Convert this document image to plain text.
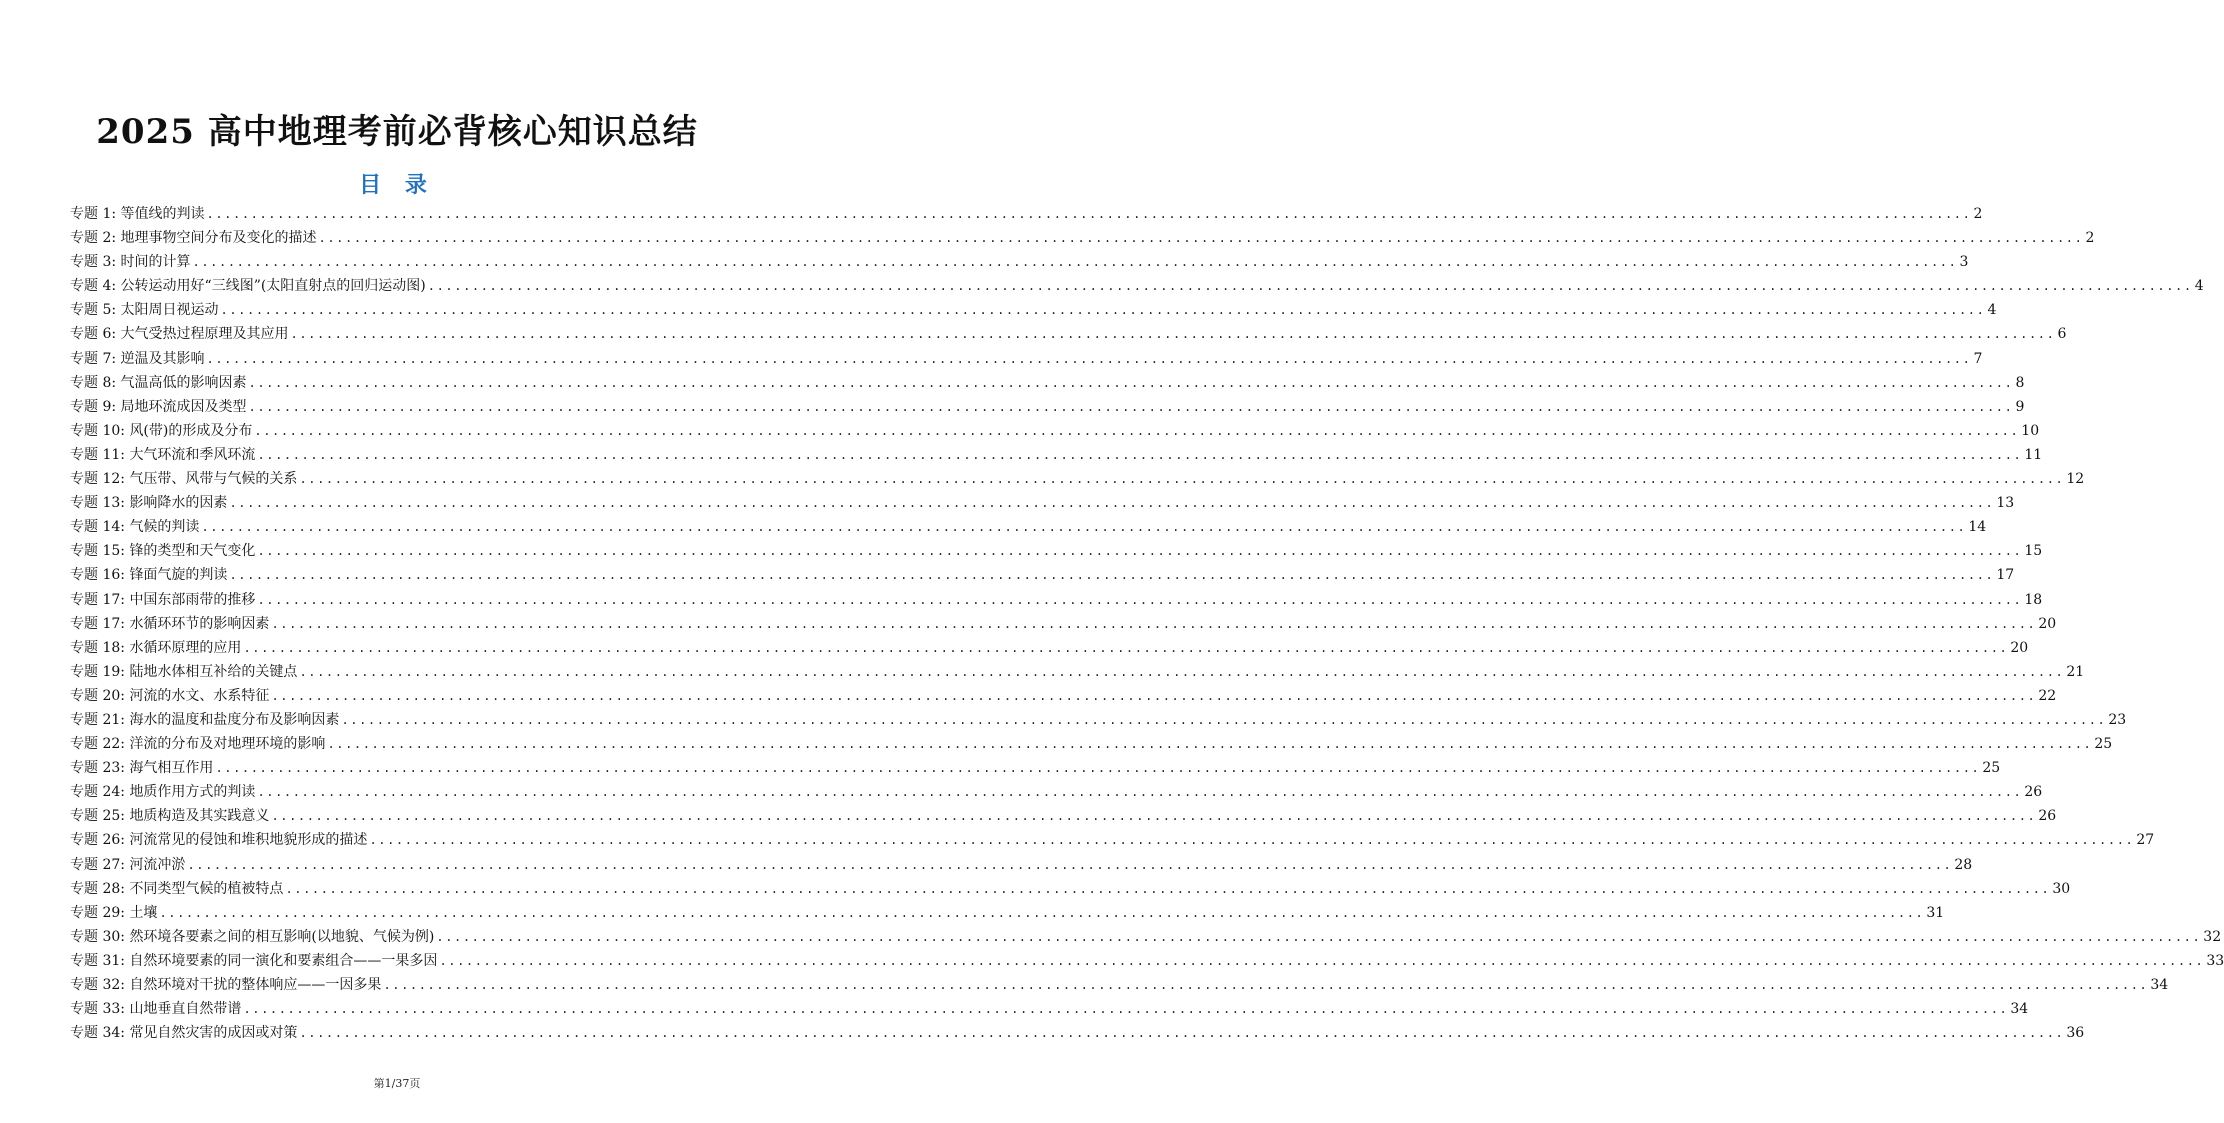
2025 高中地理考前必背核心知识总结
目 录
专题 1:
等值线的判读 ........................................................................................................................................................................................................ 2
专题 2:
地理事物空间分布及变化的描述 ........................................................................................................................................................................................................ 2
专题 3:
时间的计算 ........................................................................................................................................................................................................ 3
专题 4:
公转运动用好“三线图”(太阳直射点的回归运动图) ........................................................................................................................................................................................................ 4
专题 5:
太阳周日视运动 ........................................................................................................................................................................................................ 4
专题 6:
大气受热过程原理及其应用 ........................................................................................................................................................................................................ 6
专题 7:
逆温及其影响 ........................................................................................................................................................................................................ 7
专题 8:
气温高低的影响因素 ........................................................................................................................................................................................................ 8
专题 9:
局地环流成因及类型 ........................................................................................................................................................................................................ 9
专题 10:
风(带)的形成及分布 ........................................................................................................................................................................................................ 10
专题 11:
大气环流和季风环流 ........................................................................................................................................................................................................ 11
专题 12:
气压带、风带与气候的关系 ........................................................................................................................................................................................................ 12
专题 13:
影响降水的因素 ........................................................................................................................................................................................................ 13
专题 14:
气候的判读 ........................................................................................................................................................................................................ 14
专题 15:
锋的类型和天气变化 ........................................................................................................................................................................................................ 15
专题 16:
锋面气旋的判读 ........................................................................................................................................................................................................ 17
专题 17:
中国东部雨带的推移 ........................................................................................................................................................................................................ 18
专题 17:
水循环环节的影响因素 ........................................................................................................................................................................................................ 20
专题 18:
水循环原理的应用 ........................................................................................................................................................................................................ 20
专题 19:
陆地水体相互补给的关键点 ........................................................................................................................................................................................................ 21
专题 20:
河流的水文、水系特征 ........................................................................................................................................................................................................ 22
专题 21:
海水的温度和盐度分布及影响因素 ........................................................................................................................................................................................................ 23
专题 22:
洋流的分布及对地理环境的影响 ........................................................................................................................................................................................................ 25
专题 23:
海气相互作用 ........................................................................................................................................................................................................ 25
专题 24:
地质作用方式的判读 ........................................................................................................................................................................................................ 26
专题 25:
地质构造及其实践意义 ........................................................................................................................................................................................................ 26
专题 26:
河流常见的侵蚀和堆积地貌形成的描述 ........................................................................................................................................................................................................ 27
专题 27:
河流冲淤 ........................................................................................................................................................................................................ 28
专题 28:
不同类型气候的植被特点 ........................................................................................................................................................................................................ 30
专题 29:
土壤 ........................................................................................................................................................................................................ 31
专题 30:
然环境各要素之间的相互影响(以地貌、气候为例) ........................................................................................................................................................................................................ 32
专题 31:
自然环境要素的同一演化和要素组合——一果多因 ........................................................................................................................................................................................................ 33
专题 32:
自然环境对干扰的整体响应——一因多果 ........................................................................................................................................................................................................ 34
专题 33:
山地垂直自然带谱 ........................................................................................................................................................................................................ 34
专题 34:
常见自然灾害的成因或对策 ........................................................................................................................................................................................................ 36
第1/37页
